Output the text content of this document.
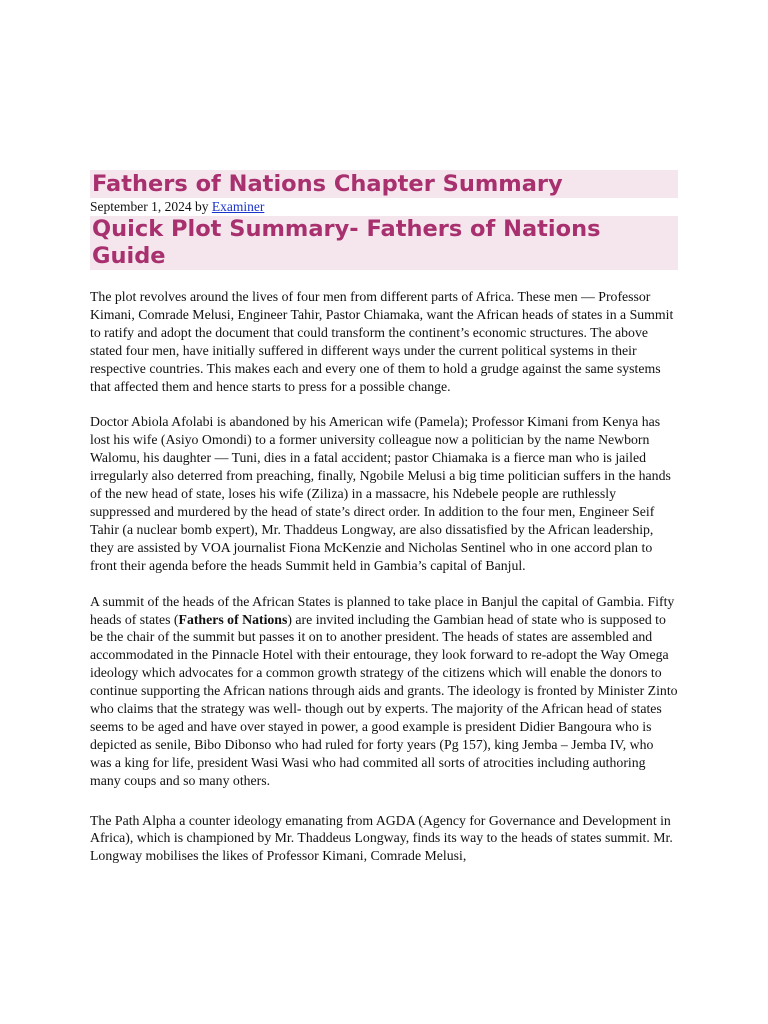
Fathers of Nations Chapter Summary
September 1, 2024 by Examiner
Quick Plot Summary- Fathers of Nations Guide

The plot revolves around the lives of four men from different parts of Africa. These men — Professor Kimani, Comrade Melusi, Engineer Tahir, Pastor Chiamaka, want the African heads of states in a Summit to ratify and adopt the document that could transform the continent’s economic structures. The above stated four men, have initially suffered in different ways under the current political systems in their respective countries. This makes each and every one of them to hold a grudge against the same systems that affected them and hence starts to press for a possible change.

Doctor Abiola Afolabi is abandoned by his American wife (Pamela); Professor Kimani from Kenya has lost his wife (Asiyo Omondi) to a former university colleague now a politician by the name Newborn Walomu, his daughter — Tuni, dies in a fatal accident; pastor Chiamaka is a fierce man who is jailed irregularly also deterred from preaching, finally, Ngobile Melusi a big time politician suffers in the hands of the new head of state, loses his wife (Ziliza) in a massacre, his Ndebele people are ruthlessly suppressed and murdered by the head of state’s direct order. In addition to the four men, Engineer Seif Tahir (a nuclear bomb expert), Mr. Thaddeus Longway, are also dissatisfied by the African leadership, they are assisted by VOA journalist Fiona McKenzie and Nicholas Sentinel who in one accord plan to front their agenda before the heads Summit held in Gambia’s capital of Banjul.

A summit of the heads of the African States is planned to take place in Banjul the capital of Gambia. Fifty heads of states (Fathers of Nations) are invited including the Gambian head of state who is supposed to be the chair of the summit but passes it on to another president. The heads of states are assembled and accommodated in the Pinnacle Hotel with their entourage, they look forward to re-adopt the Way Omega ideology which advocates for a common growth strategy of the citizens which will enable the donors to continue supporting the African nations through aids and grants. The ideology is fronted by Minister Zinto who claims that the strategy was well- though out by experts. The majority of the African head of states seems to be aged and have over stayed in power, a good example is president Didier Bangoura who is depicted as senile, Bibo Dibonso who had ruled for forty years (Pg 157), king Jemba – Jemba IV, who was a king for life, president Wasi Wasi who had commited all sorts of atrocities including authoring many coups and so many others.

The Path Alpha a counter ideology emanating from AGDA (Agency for Governance and Development in Africa), which is championed by Mr. Thaddeus Longway, finds its way to the heads of states summit. Mr. Longway mobilises the likes of Professor Kimani, Comrade Melusi,
